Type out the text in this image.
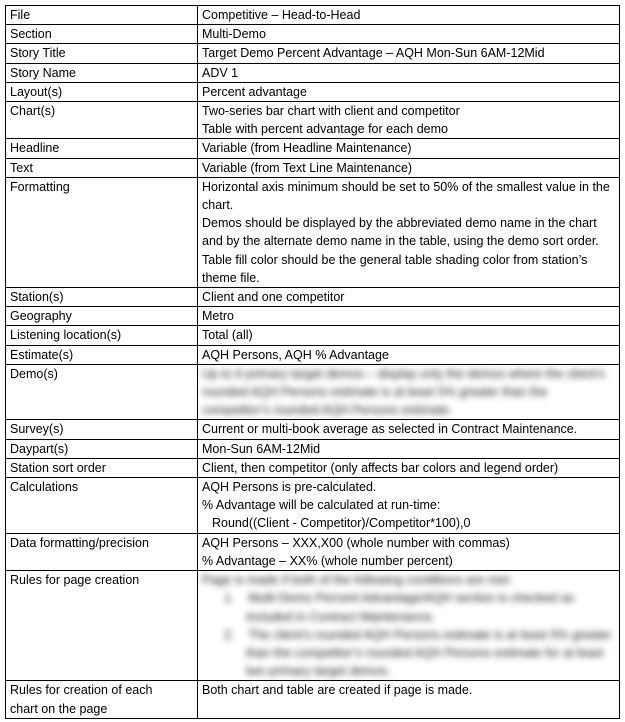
File	Competitive – Head-to-Head
Section	Multi-Demo
Story Title	Target Demo Percent Advantage – AQH Mon-Sun 6AM-12Mid
Story Name	ADV 1
Layout(s)	Percent advantage
Chart(s)	Two-series bar chart with client and competitor
Table with percent advantage for each demo

Headline	Variable (from Headline Maintenance)
Text	Variable (from Text Line Maintenance)
Formatting	Horizontal axis minimum should be set to 50% of the smallest value in the chart.
Demos should be displayed by the abbreviated demo name in the chart and by the alternate demo name in the table, using the demo sort order.
Table fill color should be the general table shading color from station’s theme file.

Station(s)	Client and one competitor
Geography	Metro
Listening location(s)	Total (all)
Estimate(s)	AQH Persons, AQH % Advantage
Demo(s)	Up to 6 primary target demos – display only the demos where the client’s rounded AQH Persons estimate is at least 5% greater than the competitor’s rounded AQH Persons estimate.

Survey(s)	Current or multi-book average as selected in Contract Maintenance.

Daypart(s)	Mon-Sun 6AM-12Mid
Station sort order	Client, then competitor (only affects bar colors and legend order)

Calculations	AQH Persons is pre-calculated.
% Advantage will be calculated at run-time:
Round((Client - Competitor)/Competitor*100),0

Data formatting/precision	AQH Persons – XXX,X00 (whole number with commas)
% Advantage – XX% (whole number percent)

Rules for page creation	Page is made if both of the following conditions are met:
1.    Multi-Demo Percent Advantage/AQH section is checked as included in Contract Maintenance.
2.    The client’s rounded AQH Persons estimate is at least 5% greater than the competitor’s rounded AQH Persons estimate for at least two primary target demos.

Rules for creation of each
chart on the page	Both chart and table are created if page is made.
